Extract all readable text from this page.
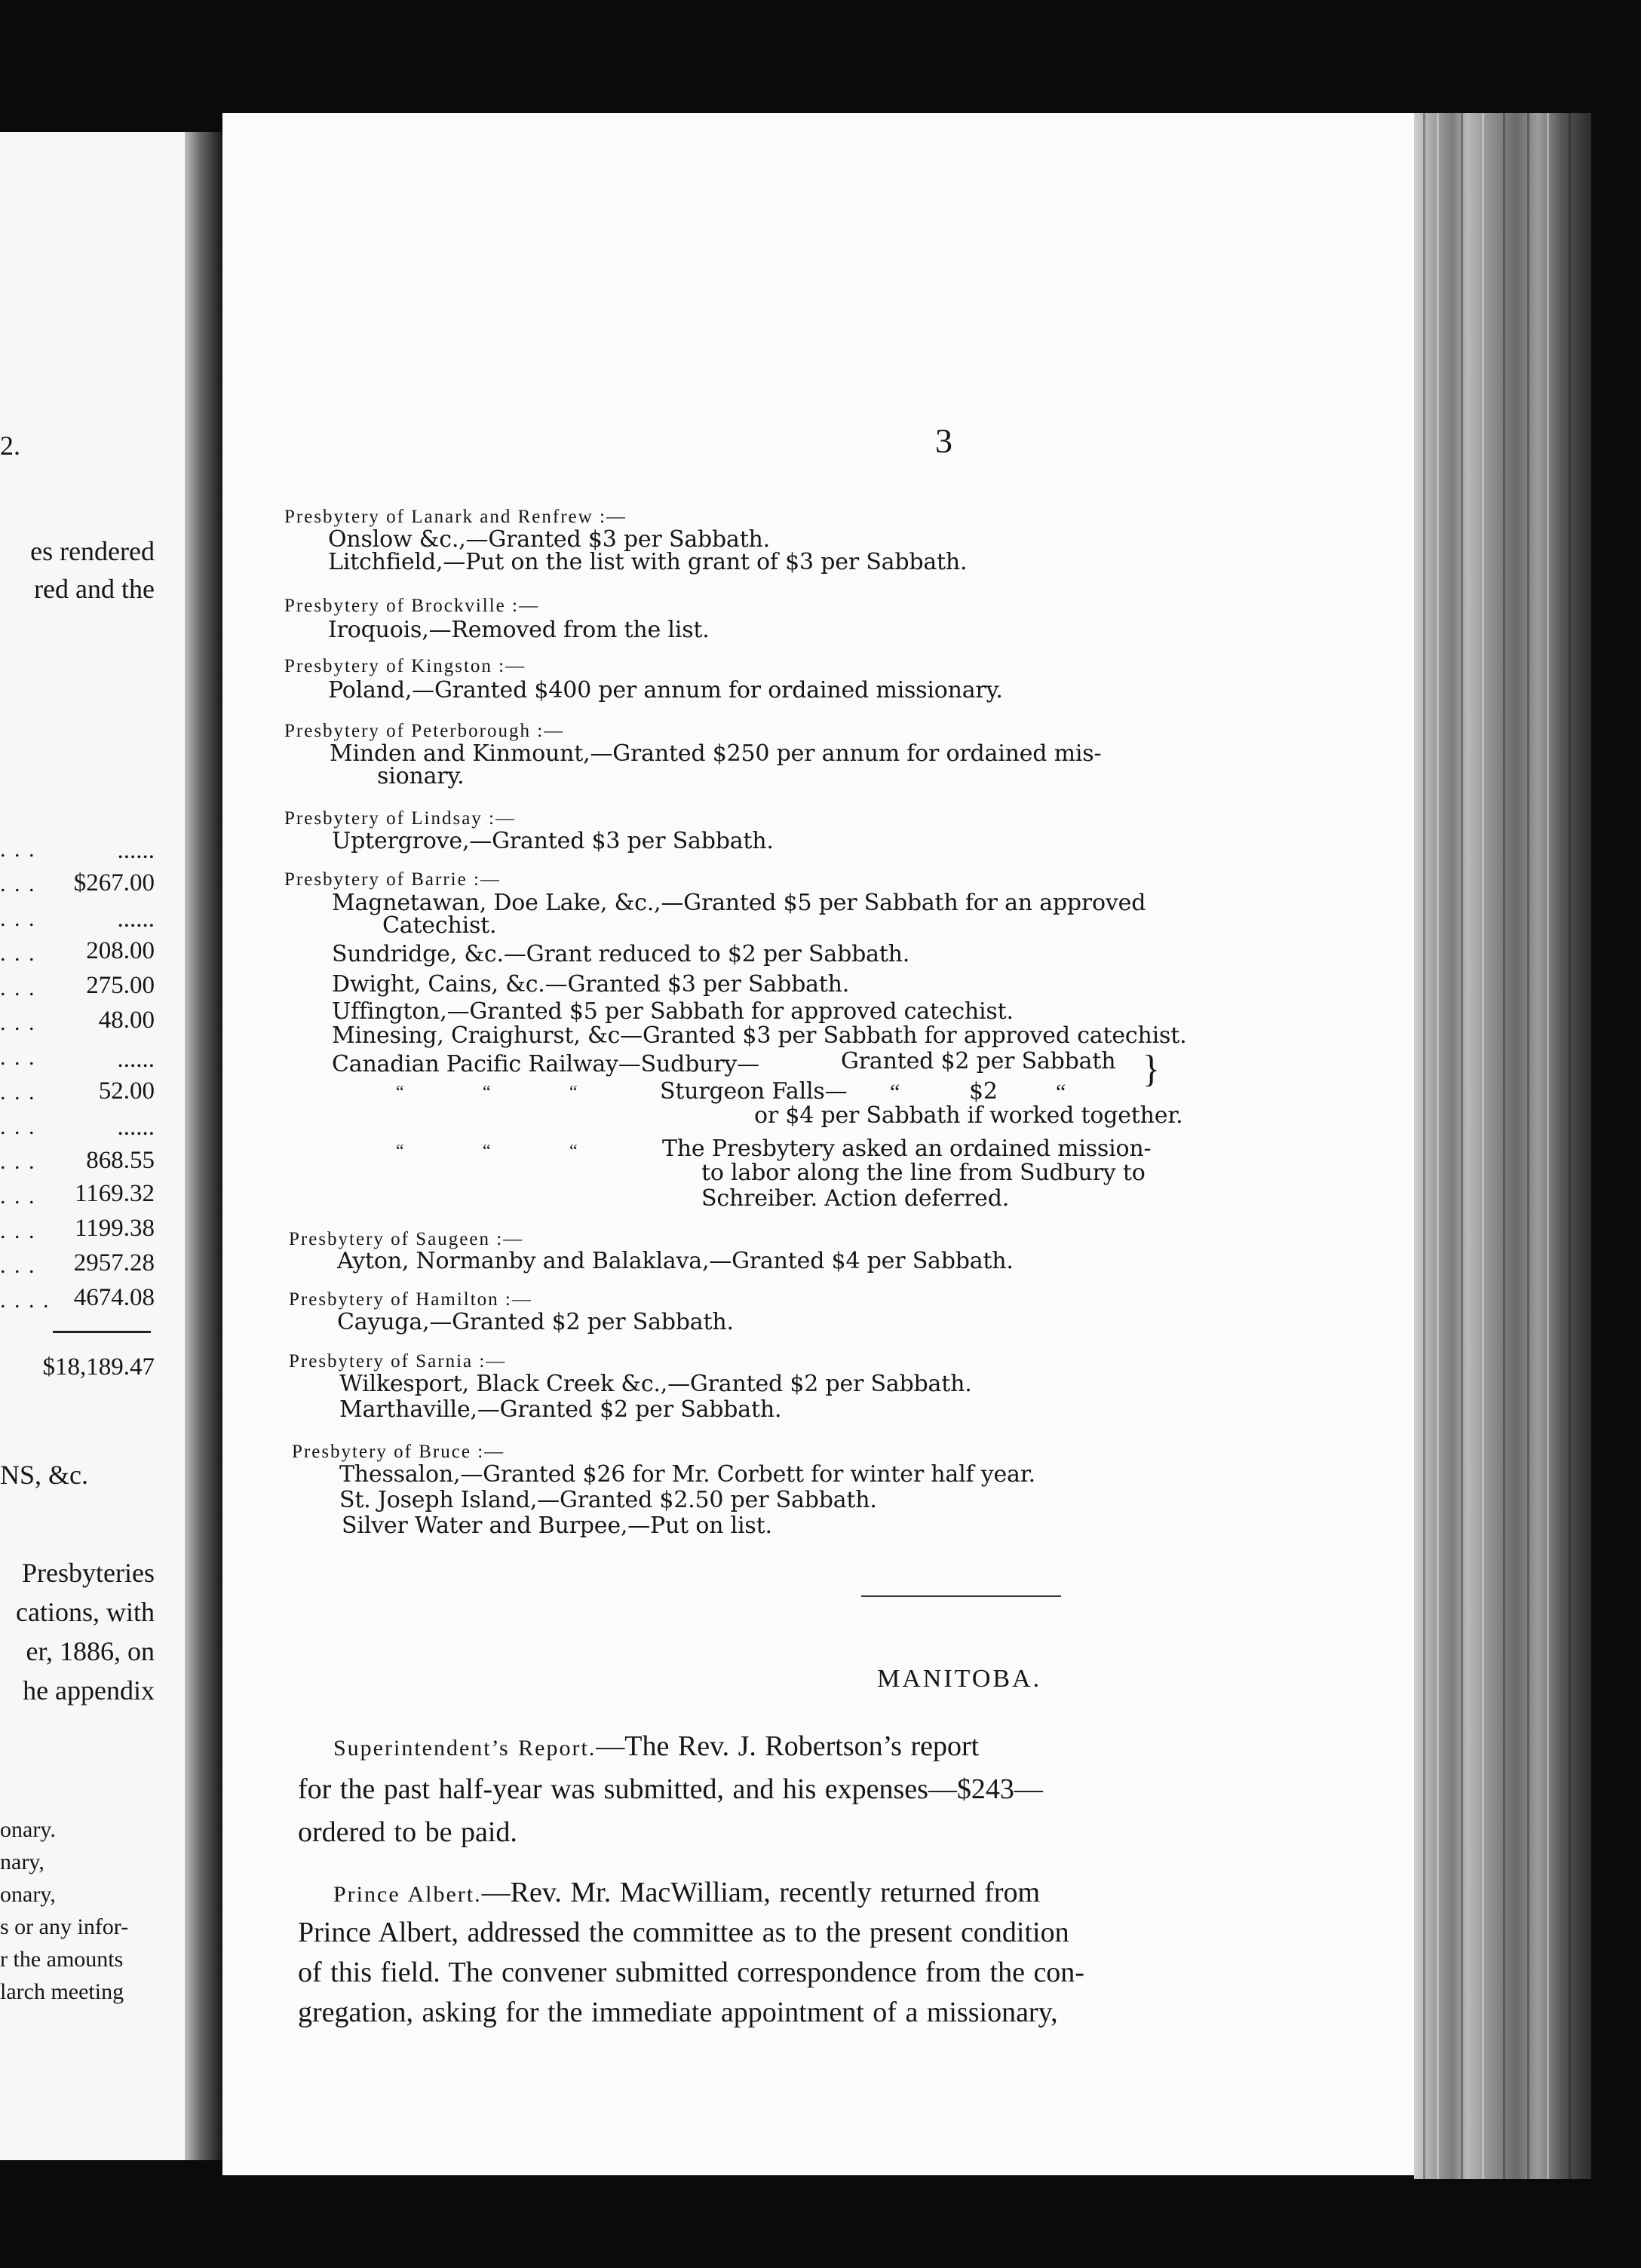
2.
es rendered
red and the
. . .	......
. . . $267.00
. . .	......
. . . 208.00
. . . 275.00
. . .	48.00
. . .	......
. . .	52.00
. . .	......
. . . 868.55
. . . 1169.32
. . . 1199.38
. . . 2957.28
. . . . 4674.08
$18,189.47
NS, &c.
Presbyteries
cations, with
er, 1886, on
he appendix
onary.
nary,
onary,
s or any infor-
r the amounts
larch meeting
3
Presbytery of Lanark and Renfrew :—
Onslow &c.,—Granted $3 per Sabbath.
Litchfield,—Put on the list with grant of $3 per Sabbath.
Presbytery of Brockville :—
Iroquois,—Removed from the list.
Presbytery of Kingston :—
Poland,—Granted $400 per annum for ordained missionary.
Presbytery of Peterborough :—
Minden and Kinmount,—Granted $250 per annum for ordained mis-
sionary.
Presbytery of Lindsay :—
Uptergrove,—Granted $3 per Sabbath.
Presbytery of Barrie :—
Magnetawan, Doe Lake, &c.,—Granted $5 per Sabbath for an approved
Catechist.
Sundridge, &c.—Grant reduced to $2 per Sabbath.
Dwight, Cains, &c.—Granted $3 per Sabbath.
Uffington,—Granted $5 per Sabbath for approved catechist.
Minesing, Craighurst, &c—Granted $3 per Sabbath for approved catechist.
Canadian Pacific Railway—Sudbury—	Granted $2 per Sabbath }
“	“	“	Sturgeon Falls— “	$2	“
or $4 per Sabbath if worked together.
“	“	“	The Presbytery asked an ordained mission-
to labor along the line from Sudbury to
Schreiber. Action deferred.
Presbytery of Saugeen :—
Ayton, Normanby and Balaklava,—Granted $4 per Sabbath.
Presbytery of Hamilton :—
Cayuga,—Granted $2 per Sabbath.
Presbytery of Sarnia :—
Wilkesport, Black Creek &c.,—Granted $2 per Sabbath.
Marthaville,—Granted $2 per Sabbath.
Presbytery of Bruce :—
Thessalon,—Granted $26 for Mr. Corbett for winter half year.
St. Joseph Island,—Granted $2.50 per Sabbath.
Silver Water and Burpee,—Put on list.
MANITOBA.
Superintendent’s Report.—The Rev. J. Robertson’s report
for the past half-year was submitted, and his expenses—$243—
ordered to be paid.
Prince Albert.—Rev. Mr. MacWilliam, recently returned from
Prince Albert, addressed the committee as to the present condition
of this field. The convener submitted correspondence from the con-
gregation, asking for the immediate appointment of a missionary,
